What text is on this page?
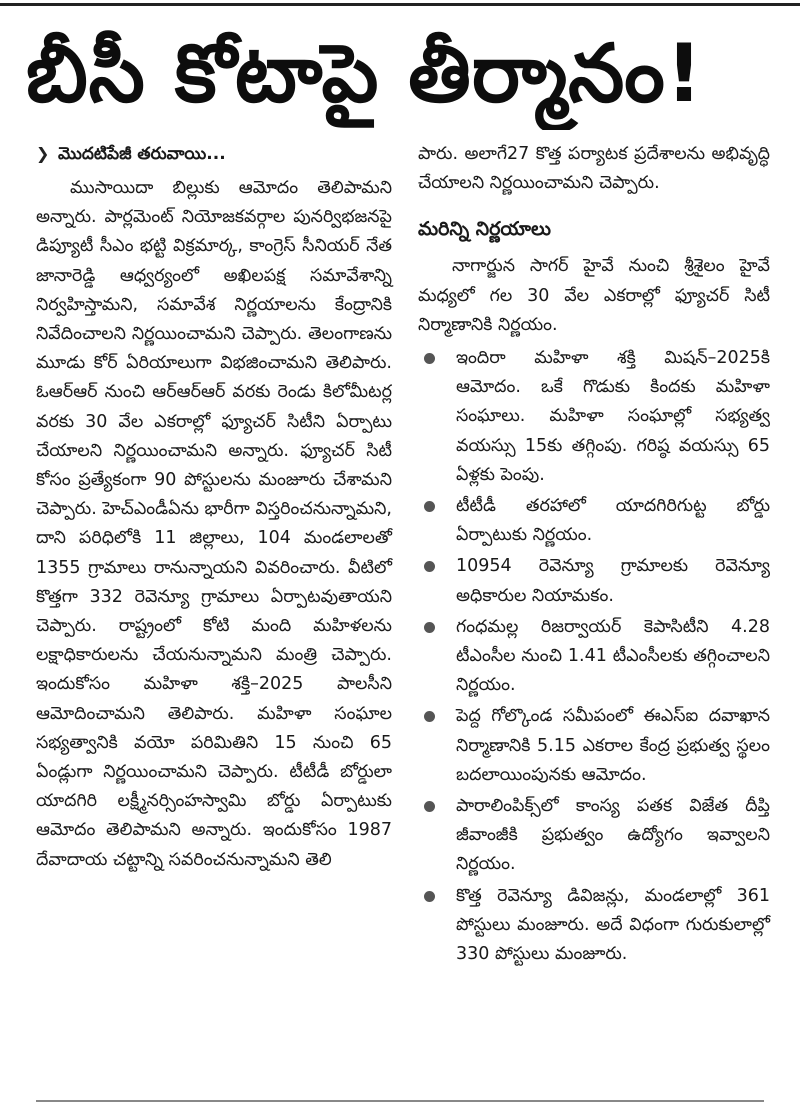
బీసీ కోటాపై తీర్మానం!
❯ మొదటిపేజీ తరువాయి...

ముసాయిదా బిల్లుకు ఆమోదం తెలిపామని అన్నారు. పార్లమెంట్‌ నియోజకవర్గాల పునర్విభజనపై డిప్యూటీ సీఎం భట్టి విక్రమార్క, కాంగ్రెస్‌ సీనియర్‌ నేత జానారెడ్డి ఆధ్వర్యంలో అఖిలపక్ష సమావేశాన్ని నిర్వహిస్తామని, సమావేశ నిర్ణయాలను కేంద్రానికి నివేదించాలని నిర్ణయించామని చెప్పారు. తెలంగాణను మూడు కోర్‌ ఏరియాలుగా విభజించామని తెలిపారు. ఓఆర్‌ఆర్‌ నుంచి ఆర్‌ఆర్‌ఆర్‌ వరకు రెండు కిలోమీటర్ల వరకు 30 వేల ఎకరాల్లో ఫ్యూచర్‌ సిటీని ఏర్పాటు చేయాలని నిర్ణయించామని అన్నారు. ఫ్యూచర్‌ సిటీ కోసం ప్రత్యేకంగా 90 పోస్టులను మంజూరు చేశామని చెప్పారు. హెచ్‌ఎండీఏను భారీగా విస్తరించనున్నామని, దాని పరిధిలోకి 11 జిల్లాలు, 104 మండలాలతో 1355 గ్రామాలు రానున్నాయని వివరించారు. వీటిలో కొత్తగా 332 రెవెన్యూ గ్రామాలు ఏర్పాటవుతాయని చెప్పారు. రాష్ట్రంలో కోటి మంది మహిళలను లక్షాధికారులను చేయనున్నామని మంత్రి చెప్పారు. ఇందుకోసం మహిళా శక్తి–2025 పాలసీని ఆమోదించామని తెలిపారు. మహిళా సంఘాల సభ్యత్వానికి వయో పరిమితిని 15 నుంచి 65 ఏండ్లుగా నిర్ణయించామని చెప్పారు. టీటీడీ బోర్డులా యాదగిరి లక్ష్మీనర్సింహస్వామి బోర్డు ఏర్పాటుకు ఆమోదం తెలిపామని అన్నారు. ఇందుకోసం 1987 దేవాదాయ చట్టాన్ని సవరించనున్నామని తెలి

పారు. అలాగే27 కొత్త పర్యాటక ప్రదేశాలను అభివృద్ధి చేయాలని నిర్ణయించామని చెప్పారు.

మరిన్ని నిర్ణయాలు

నాగార్జున సాగర్‌ హైవే నుంచి శ్రీశైలం హైవే మధ్యలో గల 30 వేల ఎకరాల్లో ఫ్యూచర్‌ సిటీ నిర్మాణానికి నిర్ణయం.

ఇందిరా మహిళా శక్తి మిషన్‌–2025కి ఆమోదం. ఒకే గొడుకు కిందకు మహిళా సంఘాలు. మహిళా సంఘాల్లో సభ్యత్వ వయస్సు 15కు తగ్గింపు. గరిష్ఠ వయస్సు 65 ఏళ్లకు పెంపు.
టీటీడీ తరహాలో యాదగిరిగుట్ట బోర్డు ఏర్పాటుకు నిర్ణయం.
10954 రెవెన్యూ గ్రామాలకు రెవెన్యూ అధికారుల నియామకం.
గంధమల్ల రిజర్వాయర్‌ కెపాసిటీని 4.28 టీఎంసీల నుంచి 1.41 టీఎంసీలకు తగ్గించాలని నిర్ణయం.
పెద్ద గోల్కొండ సమీపంలో ఈఎస్‌ఐ దవాఖాన నిర్మాణానికి 5.15 ఎకరాల కేంద్ర ప్రభుత్వ స్థలం బదలాయింపునకు ఆమోదం.
పారాలింపిక్స్‌లో కాంస్య పతక విజేత దీప్తి జీవాంజీకి ప్రభుత్వం ఉద్యోగం ఇవ్వాలని నిర్ణయం.
కొత్త రెవెన్యూ డివిజన్లు, మండలాల్లో 361 పోస్టులు మంజూరు. అదే విధంగా గురుకులాల్లో 330 పోస్టులు మంజూరు.
